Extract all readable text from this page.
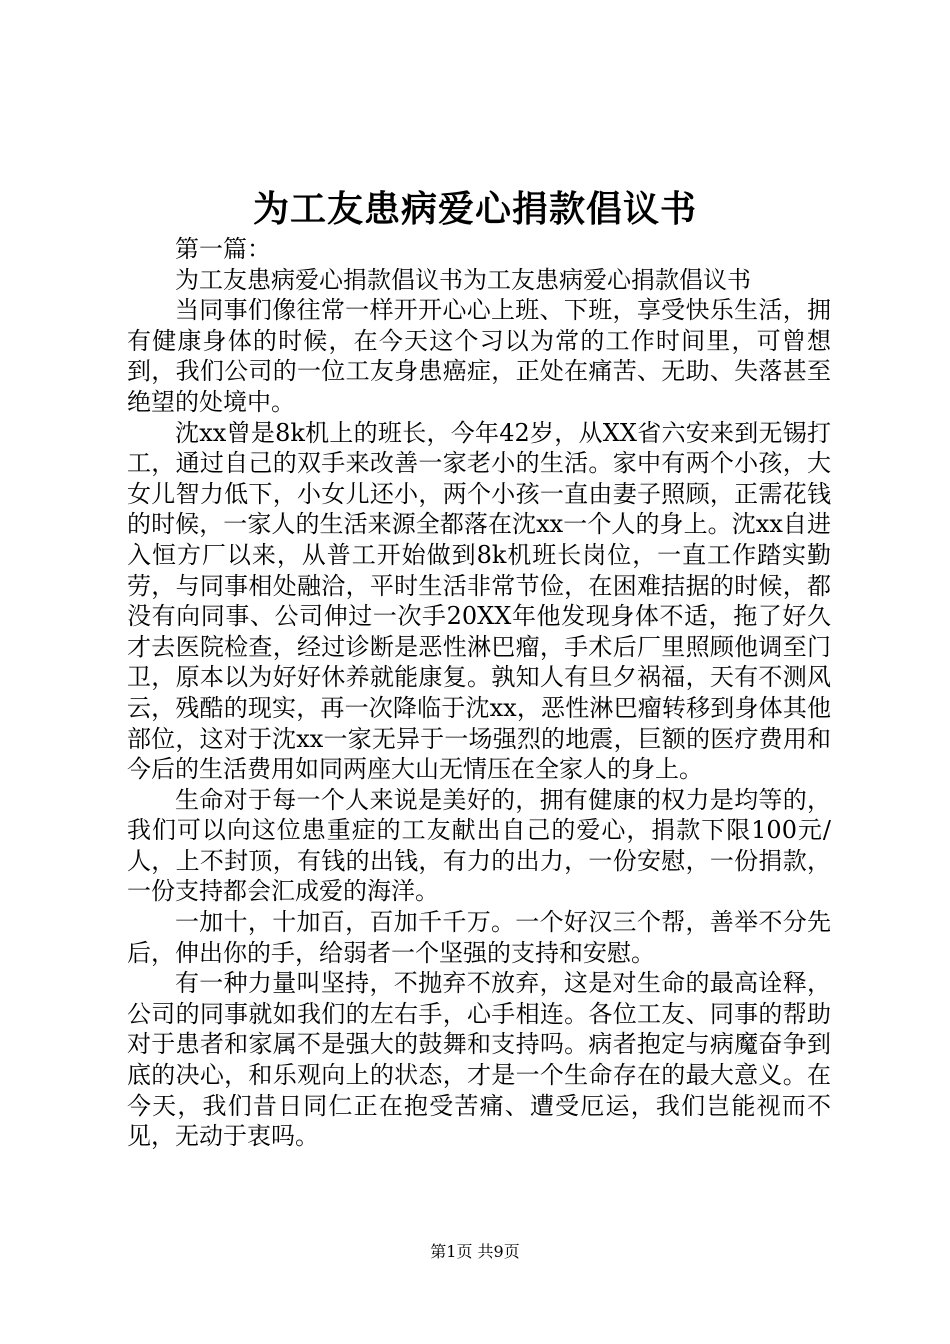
为工友患病爱心捐款倡议书

第一篇：

为工友患病爱心捐款倡议书为工友患病爱心捐款倡议书

当同事们像往常一样开开心心上班、下班，享受快乐生活，拥有健康身体的时候，在今天这个习以为常的工作时间里，可曾想到，我们公司的一位工友身患癌症，正处在痛苦、无助、失落甚至绝望的处境中。

沈xx曾是8k机上的班长，今年42岁，从XX省六安来到无锡打工，通过自己的双手来改善一家老小的生活。家中有两个小孩，大女儿智力低下，小女儿还小，两个小孩一直由妻子照顾，正需花钱的时候，一家人的生活来源全都落在沈xx一个人的身上。沈xx自进入恒方厂以来，从普工开始做到8k机班长岗位，一直工作踏实勤劳，与同事相处融洽，平时生活非常节俭，在困难拮据的时候，都没有向同事、公司伸过一次手20XX年他发现身体不适，拖了好久才去医院检查，经过诊断是恶性淋巴瘤，手术后厂里照顾他调至门卫，原本以为好好休养就能康复。孰知人有旦夕祸福，天有不测风云，残酷的现实，再一次降临于沈xx，恶性淋巴瘤转移到身体其他部位，这对于沈xx一家无异于一场强烈的地震，巨额的医疗费用和今后的生活费用如同两座大山无情压在全家人的身上。

生命对于每一个人来说是美好的，拥有健康的权力是均等的，我们可以向这位患重症的工友献出自己的爱心，捐款下限100元/人，上不封顶，有钱的出钱，有力的出力，一份安慰，一份捐款，一份支持都会汇成爱的海洋。

一加十，十加百，百加千千万。一个好汉三个帮，善举不分先后，伸出你的手，给弱者一个坚强的支持和安慰。

有一种力量叫坚持，不抛弃不放弃，这是对生命的最高诠释，公司的同事就如我们的左右手，心手相连。各位工友、同事的帮助对于患者和家属不是强大的鼓舞和支持吗。病者抱定与病魔奋争到底的决心，和乐观向上的状态，才是一个生命存在的最大意义。在今天，我们昔日同仁正在抱受苦痛、遭受厄运，我们岂能视而不见，无动于衷吗。

第1页 共9页
